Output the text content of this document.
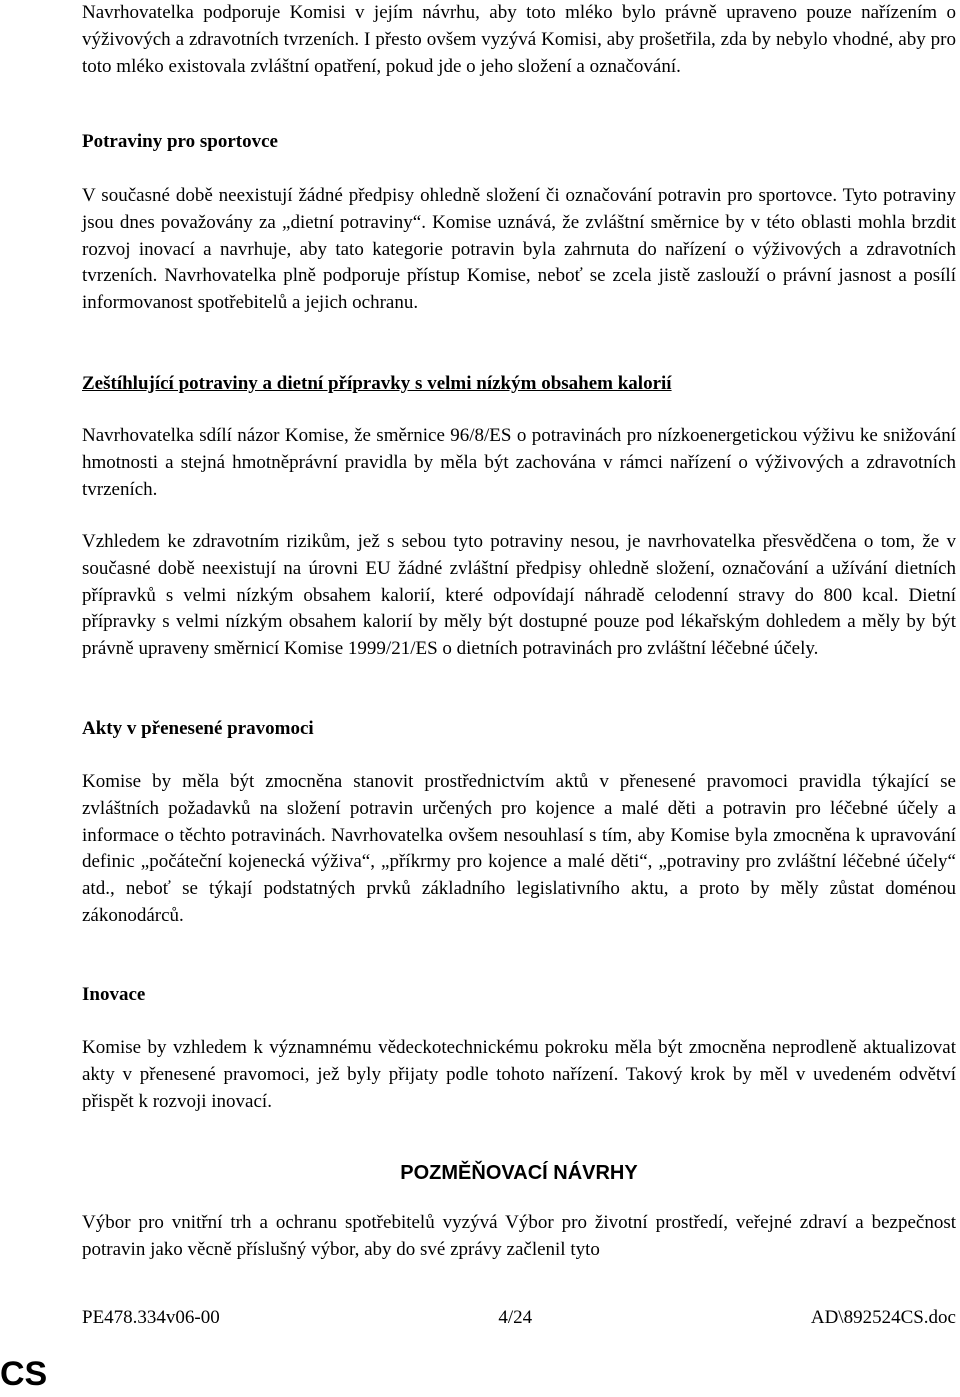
Navrhovatelka podporuje Komisi v jejím návrhu, aby toto mléko bylo právně upraveno pouze nařízením o výživových a zdravotních tvrzeních. I přesto ovšem vyzývá Komisi, aby prošetřila, zda by nebylo vhodné, aby pro toto mléko existovala zvláštní opatření, pokud jde o jeho složení a označování.

Potraviny pro sportovce

V současné době neexistují žádné předpisy ohledně složení či označování potravin pro sportovce. Tyto potraviny jsou dnes považovány za „dietní potraviny“. Komise uznává, že zvláštní směrnice by v této oblasti mohla brzdit rozvoj inovací a navrhuje, aby tato kategorie potravin byla zahrnuta do nařízení o výživových a zdravotních tvrzeních. Navrhovatelka plně podporuje přístup Komise, neboť se zcela jistě zaslouží o právní jasnost a posílí informovanost spotřebitelů a jejich ochranu.

Zeštíhlující potraviny a dietní přípravky s velmi nízkým obsahem kalorií

Navrhovatelka sdílí názor Komise, že směrnice 96/8/ES o potravinách pro nízkoenergetickou výživu ke snižování hmotnosti a stejná hmotněprávní pravidla by měla být zachována v rámci nařízení o výživových a zdravotních tvrzeních.

Vzhledem ke zdravotním rizikům, jež s sebou tyto potraviny nesou, je navrhovatelka přesvědčena o tom, že v současné době neexistují na úrovni EU žádné zvláštní předpisy ohledně složení, označování a užívání dietních přípravků s velmi nízkým obsahem kalorií, které odpovídají náhradě celodenní stravy do 800 kcal. Dietní přípravky s velmi nízkým obsahem kalorií by měly být dostupné pouze pod lékařským dohledem a měly by být právně upraveny směrnicí Komise 1999/21/ES o dietních potravinách pro zvláštní léčebné účely.

Akty v přenesené pravomoci

Komise by měla být zmocněna stanovit prostřednictvím aktů v přenesené pravomoci pravidla týkající se zvláštních požadavků na složení potravin určených pro kojence a malé děti a potravin pro léčebné účely a informace o těchto potravinách. Navrhovatelka ovšem nesouhlasí s tím, aby Komise byla zmocněna k upravování definic „počáteční kojenecká výživa“, „příkrmy pro kojence a malé děti“, „potraviny pro zvláštní léčebné účely“ atd., neboť se týkají podstatných prvků základního legislativního aktu, a proto by měly zůstat doménou zákonodárců.

Inovace

Komise by vzhledem k významnému vědeckotechnickému pokroku měla být zmocněna neprodleně aktualizovat akty v přenesené pravomoci, jež byly přijaty podle tohoto nařízení. Takový krok by měl v uvedeném odvětví přispět k rozvoji inovací.

POZMĚŇOVACÍ NÁVRHY

Výbor pro vnitřní trh a ochranu spotřebitelů vyzývá Výbor pro životní prostředí, veřejné zdraví a bezpečnost potravin jako věcně příslušný výbor, aby do své zprávy začlenil tyto

PE478.334v06-00	4/24	AD\892524CS.doc
CS
